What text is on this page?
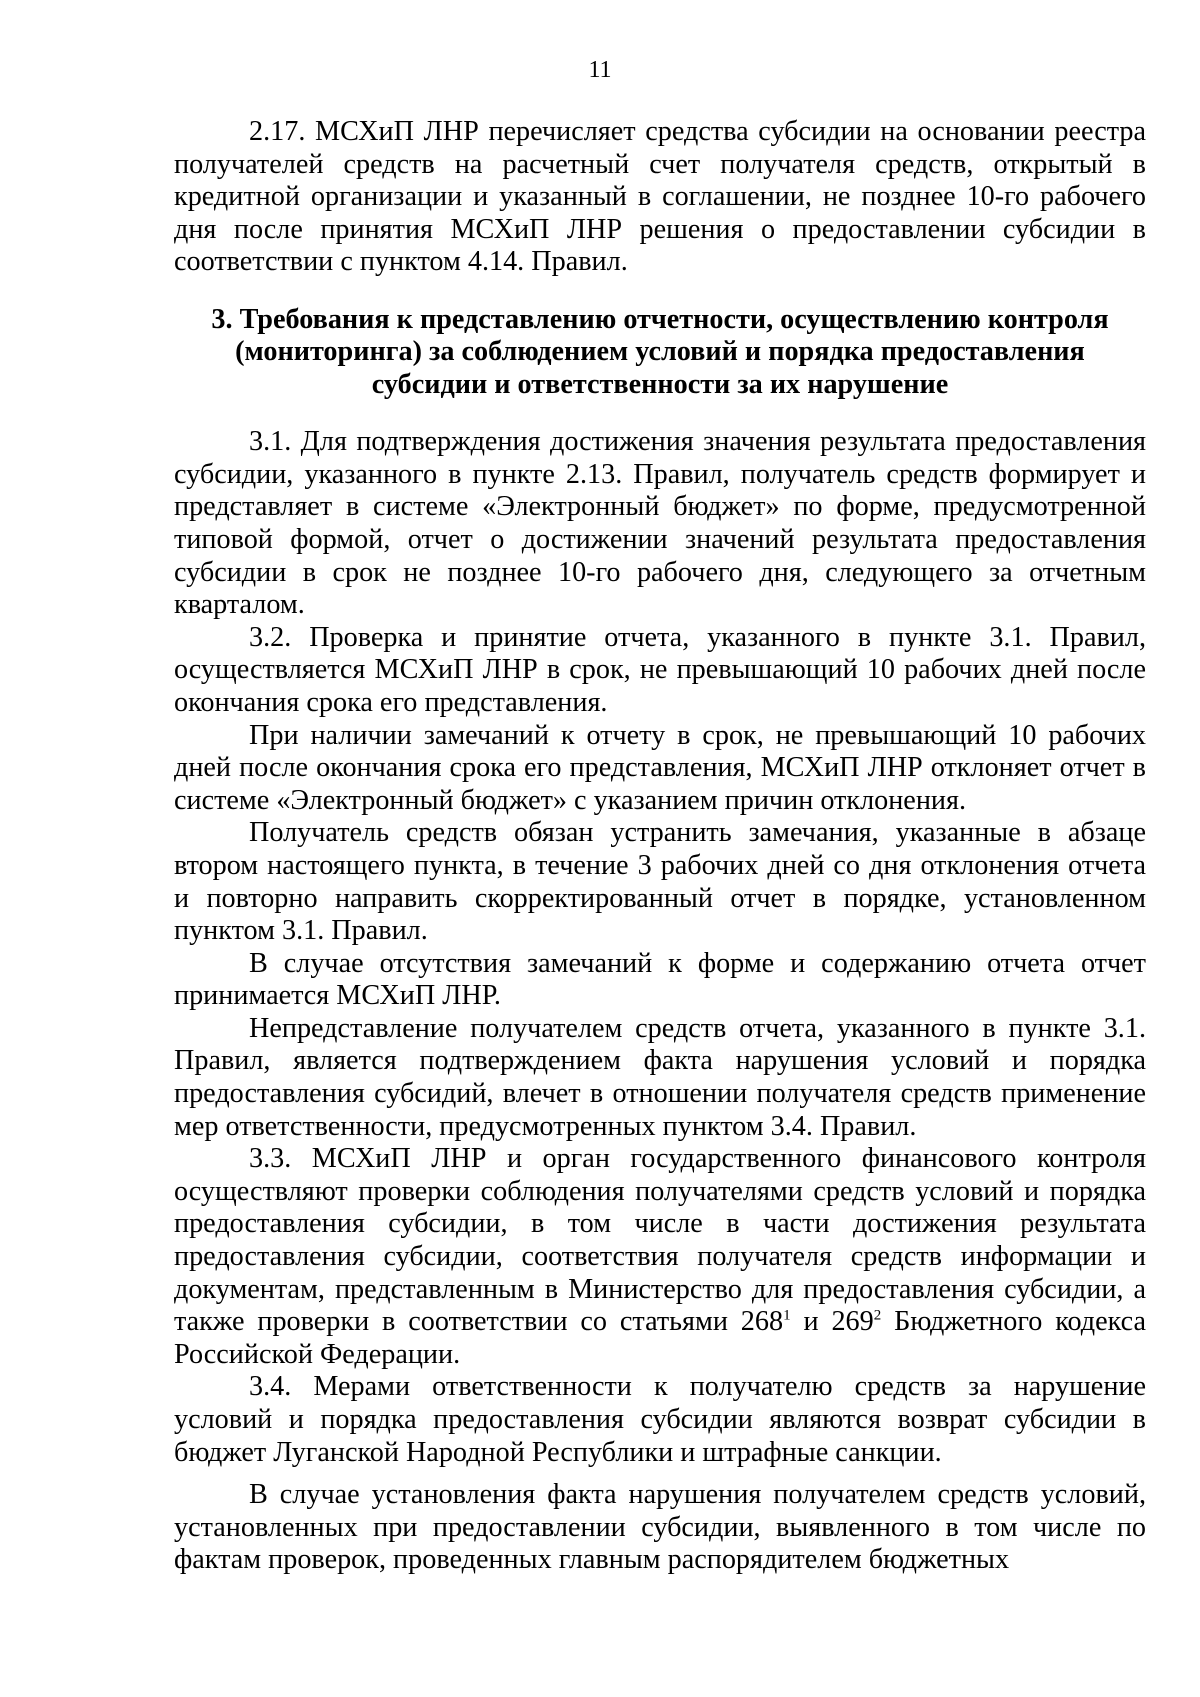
11

2.17. МСХиП ЛНР перечисляет средства субсидии на основании реестра получателей средств на расчетный счет получателя средств, открытый в кредитной организации и указанный в соглашении, не позднее 10-го рабочего дня после принятия МСХиП ЛНР решения о предоставлении субсидии в соответствии с пунктом 4.14. Правил.

3. Требования к представлению отчетности, осуществлению контроля
(мониторинга) за соблюдением условий и порядка предоставления
субсидии и ответственности за их нарушение

3.1. Для подтверждения достижения значения результата предоставления субсидии, указанного в пункте 2.13. Правил, получатель средств формирует и представляет в системе «Электронный бюджет» по форме, предусмотренной типовой формой, отчет о достижении значений результата предоставления субсидии в срок не позднее 10-го рабочего дня, следующего за отчетным кварталом.

3.2. Проверка и принятие отчета, указанного в пункте 3.1. Правил, осуществляется МСХиП ЛНР в срок, не превышающий 10 рабочих дней после окончания срока его представления.

При наличии замечаний к отчету в срок, не превышающий 10 рабочих дней после окончания срока его представления, МСХиП ЛНР отклоняет отчет в системе «Электронный бюджет» с указанием причин отклонения.

Получатель средств обязан устранить замечания, указанные в абзаце втором настоящего пункта, в течение 3 рабочих дней со дня отклонения отчета и повторно направить скорректированный отчет в порядке, установленном пунктом 3.1. Правил.

В случае отсутствия замечаний к форме и содержанию отчета отчет принимается МСХиП ЛНР.

Непредставление получателем средств отчета, указанного в пункте 3.1. Правил, является подтверждением факта нарушения условий и порядка предоставления субсидий, влечет в отношении получателя средств применение мер ответственности, предусмотренных пунктом 3.4. Правил.

3.3. МСХиП ЛНР и орган государственного финансового контроля осуществляют проверки соблюдения получателями средств условий и порядка предоставления субсидии, в том числе в части достижения результата предоставления субсидии, соответствия получателя средств информации и документам, представленным в Министерство для предоставления субсидии, а также проверки в соответствии со статьями $268^1$ и $269^2$ Бюджетного кодекса Российской Федерации.

3.4. Мерами ответственности к получателю средств за нарушение условий и порядка предоставления субсидии являются возврат субсидии в бюджет Луганской Народной Республики и штрафные санкции.

В случае установления факта нарушения получателем средств условий, установленных при предоставлении субсидии, выявленного в том числе по фактам проверок, проведенных главным распорядителем бюджетных
